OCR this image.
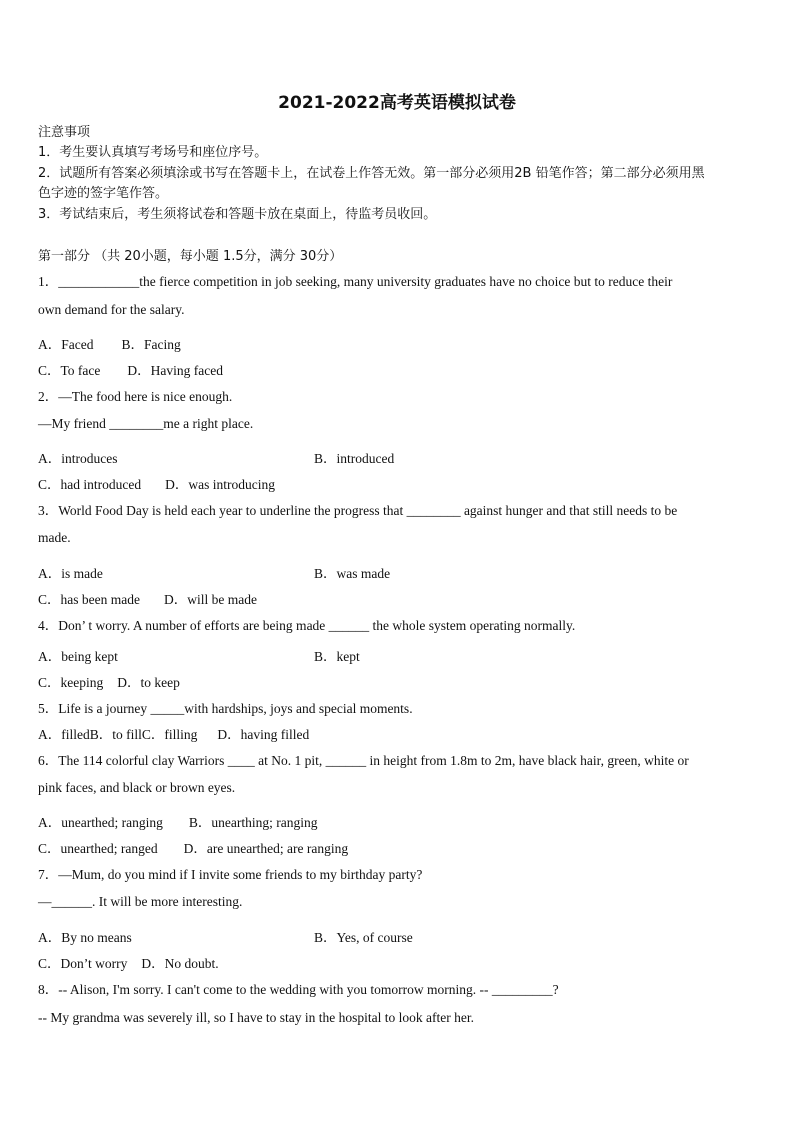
2021-2022高考英语模拟试卷
注意事项
1．考生要认真填写考场号和座位序号。
2．试题所有答案必须填涂或书写在答题卡上，在试卷上作答无效。第一部分必须用2B 铅笔作答；第二部分必须用黑
色字迹的签字笔作答。
3．考试结束后，考生须将试卷和答题卡放在桌面上，待监考员收回。
第一部分 （共 20小题，每小题 1.5分，满分 30分）
1．____________the fierce competition in job seeking, many university graduates have no choice but to reduce their
own demand for the salary.
A．Faced B．Facing
C．To face D．Having faced
2．—The food here is nice enough.
—My friend ________me a right place.
A．introduces	B．introduced
C．had introduced D．was introducing
3．World Food Day is held each year to underline the progress that ________ against hunger and that still needs to be
made.
A．is made	B．was made
C．has been made D．will be made
4．Don’ t worry. A number of efforts are being made ______ the whole system operating normally.
A．being kept	B．kept
C．keeping D．to keep
5．Life is a journey _____with hardships, joys and special moments.
A．filledB．to fillC．filling D．having filled
6．The 114 colorful clay Warriors ____ at No. 1 pit, ______ in height from 1.8m to 2m, have black hair, green, white or
pink faces, and black or brown eyes.
A．unearthed; ranging B．unearthing; ranging
C．unearthed; ranged D．are unearthed; are ranging
7．—Mum, do you mind if I invite some friends to my birthday party?
—______. It will be more interesting.
A．By no means	B．Yes, of course
C．Don’t worry D．No doubt.
8．-- Alison, I'm sorry. I can't come to the wedding with you tomorrow morning. -- _________?
-- My grandma was severely ill, so I have to stay in the hospital to look after her.
